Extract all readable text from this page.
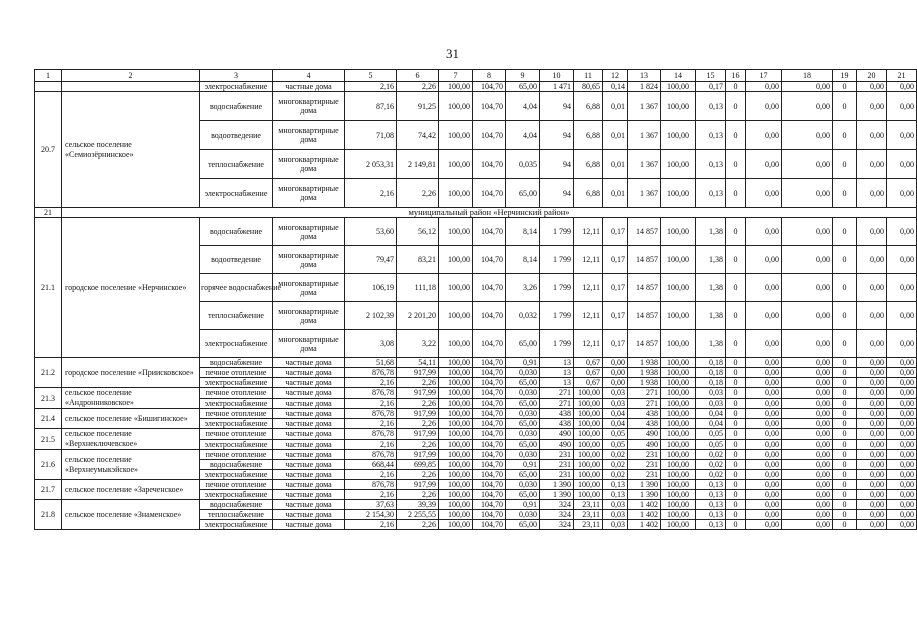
31
1	2	3	4	5	6	7	8	9	10	11	12	13	14	15	16	17	18	19	20	21
		электроснабжение	частные дома	2,16	2,26	100,00	104,70	65,00	1 471	80,65	0,14	1 824	100,00	0,17	0	0,00	0,00	0	0,00	0,00
20.7	сельское поселение «Семиозёрнинское»	водоснабжение	многоквартирные дома	87,16	91,25	100,00	104,70	4,04	94	6,88	0,01	1 367	100,00	0,13	0	0,00	0,00	0	0,00	0,00
		водоотведение	многоквартирные дома	71,08	74,42	100,00	104,70	4,04	94	6,88	0,01	1 367	100,00	0,13	0	0,00	0,00	0	0,00	0,00
		теплоснабжение	многоквартирные дома	2 053,31	2 149,81	100,00	104,70	0,035	94	6,88	0,01	1 367	100,00	0,13	0	0,00	0,00	0	0,00	0,00
		электроснабжение	многоквартирные дома	2,16	2,26	100,00	104,70	65,00	94	6,88	0,01	1 367	100,00	0,13	0	0,00	0,00	0	0,00	0,00
21	муниципальный район «Нерчинский район»																			
21.1	городское поселение «Нерчинское»	водоснабжение	многоквартирные дома	53,60	56,12	100,00	104,70	8,14	1 799	12,11	0,17	14 857	100,00	1,38	0	0,00	0,00	0	0,00	0,00
		водоотведение	многоквартирные дома	79,47	83,21	100,00	104,70	8,14	1 799	12,11	0,17	14 857	100,00	1,38	0	0,00	0,00	0	0,00	0,00
		горячее водоснабжение	многоквартирные дома	106,19	111,18	100,00	104,70	3,26	1 799	12,11	0,17	14 857	100,00	1,38	0	0,00	0,00	0	0,00	0,00
		теплоснабжение	многоквартирные дома	2 102,39	2 201,20	100,00	104,70	0,032	1 799	12,11	0,17	14 857	100,00	1,38	0	0,00	0,00	0	0,00	0,00
		электроснабжение	многоквартирные дома	3,08	3,22	100,00	104,70	65,00	1 799	12,11	0,17	14 857	100,00	1,38	0	0,00	0,00	0	0,00	0,00
21.2	городское поселение «Приисковское»	водоснабжение	частные дома	51,68	54,11	100,00	104,70	0,91	13	0,67	0,00	1 938	100,00	0,18	0	0,00	0,00	0	0,00	0,00
		печное отопление	частные дома	876,78	917,99	100,00	104,70	0,030	13	0,67	0,00	1 938	100,00	0,18	0	0,00	0,00	0	0,00	0,00
		электроснабжение	частные дома	2,16	2,26	100,00	104,70	65,00	13	0,67	0,00	1 938	100,00	0,18	0	0,00	0,00	0	0,00	0,00
21.3	сельское поселение «Андронниковское»	печное отопление	частные дома	876,78	917,99	100,00	104,70	0,030	271	100,00	0,03	271	100,00	0,03	0	0,00	0,00	0	0,00	0,00
		электроснабжение	частные дома	2,16	2,26	100,00	104,70	65,00	271	100,00	0,03	271	100,00	0,03	0	0,00	0,00	0	0,00	0,00
21.4	сельское поселение «Бишигинское»	печное отопление	частные дома	876,78	917,99	100,00	104,70	0,030	438	100,00	0,04	438	100,00	0,04	0	0,00	0,00	0	0,00	0,00
		электроснабжение	частные дома	2,16	2,26	100,00	104,70	65,00	438	100,00	0,04	438	100,00	0,04	0	0,00	0,00	0	0,00	0,00
21.5	сельское поселение «Верхнеключевское»	печное отопление	частные дома	876,78	917,99	100,00	104,70	0,030	490	100,00	0,05	490	100,00	0,05	0	0,00	0,00	0	0,00	0,00
		электроснабжение	частные дома	2,16	2,26	100,00	104,70	65,00	490	100,00	0,05	490	100,00	0,05	0	0,00	0,00	0	0,00	0,00
21.6	сельское поселение «Верхнеумыкэйское»	печное отопление	частные дома	876,78	917,99	100,00	104,70	0,030	231	100,00	0,02	231	100,00	0,02	0	0,00	0,00	0	0,00	0,00
		водоснабжение	частные дома	668,44	699,85	100,00	104,70	0,91	231	100,00	0,02	231	100,00	0,02	0	0,00	0,00	0	0,00	0,00
		электроснабжение	частные дома	2,16	2,26	100,00	104,70	65,00	231	100,00	0,02	231	100,00	0,02	0	0,00	0,00	0	0,00	0,00
21.7	сельское поселение «Зареченское»	печное отопление	частные дома	876,78	917,99	100,00	104,70	0,030	1 390	100,00	0,13	1 390	100,00	0,13	0	0,00	0,00	0	0,00	0,00
		электроснабжение	частные дома	2,16	2,26	100,00	104,70	65,00	1 390	100,00	0,13	1 390	100,00	0,13	0	0,00	0,00	0	0,00	0,00
21.8	сельское поселение «Знаменское»	водоснабжение	частные дома	37,63	39,39	100,00	104,70	0,91	324	23,11	0,03	1 402	100,00	0,13	0	0,00	0,00	0	0,00	0,00
		теплоснабжение	частные дома	2 154,30	2 255,55	100,00	104,70	0,030	324	23,11	0,03	1 402	100,00	0,13	0	0,00	0,00	0	0,00	0,00
		электроснабжение	частные дома	2,16	2,26	100,00	104,70	65,00	324	23,11	0,03	1 402	100,00	0,13	0	0,00	0,00	0	0,00	0,00
